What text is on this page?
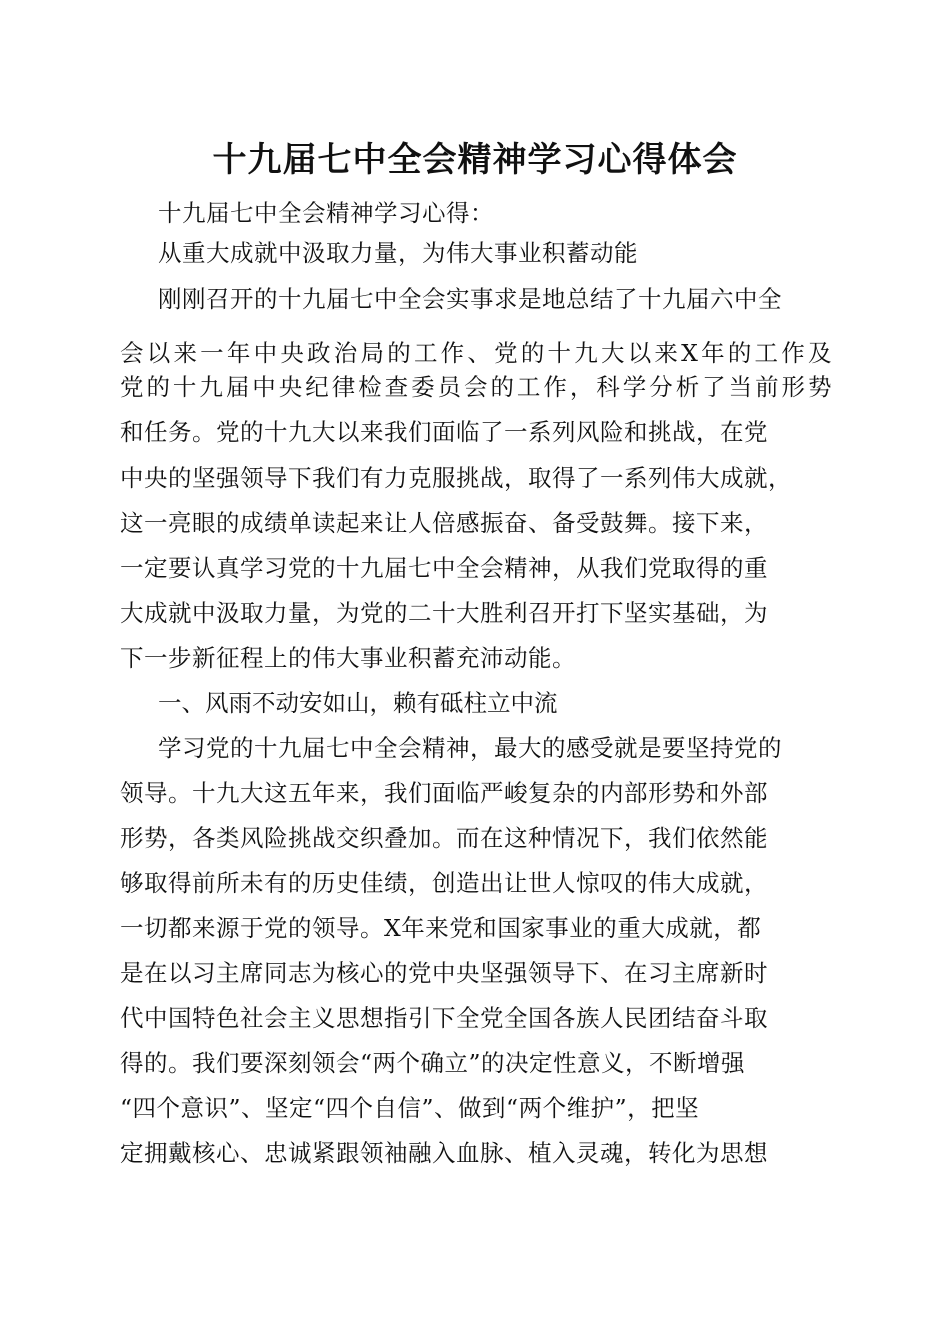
十九届七中全会精神学习心得体会
十九届七中全会精神学习心得：
从重大成就中汲取力量，为伟大事业积蓄动能
刚刚召开的十九届七中全会实事求是地总结了十九届六中全
会以来一年中央政治局的工作、党的十九大以来X年的工作及
党的十九届中央纪律检查委员会的工作，科学分析了当前形势
和任务。党的十九大以来我们面临了一系列风险和挑战，在党
中央的坚强领导下我们有力克服挑战，取得了一系列伟大成就，
这一亮眼的成绩单读起来让人倍感振奋、备受鼓舞。接下来，
一定要认真学习党的十九届七中全会精神，从我们党取得的重
大成就中汲取力量，为党的二十大胜利召开打下坚实基础，为
下一步新征程上的伟大事业积蓄充沛动能。
一、风雨不动安如山，赖有砥柱立中流
学习党的十九届七中全会精神，最大的感受就是要坚持党的
领导。十九大这五年来，我们面临严峻复杂的内部形势和外部
形势，各类风险挑战交织叠加。而在这种情况下，我们依然能
够取得前所未有的历史佳绩，创造出让世人惊叹的伟大成就，
一切都来源于党的领导。X年来党和国家事业的重大成就，都
是在以习主席同志为核心的党中央坚强领导下、在习主席新时
代中国特色社会主义思想指引下全党全国各族人民团结奋斗取
得的。我们要深刻领会“两个确立”的决定性意义，不断增强
“四个意识”、坚定“四个自信”、做到“两个维护”，把坚
定拥戴核心、忠诚紧跟领袖融入血脉、植入灵魂，转化为思想
